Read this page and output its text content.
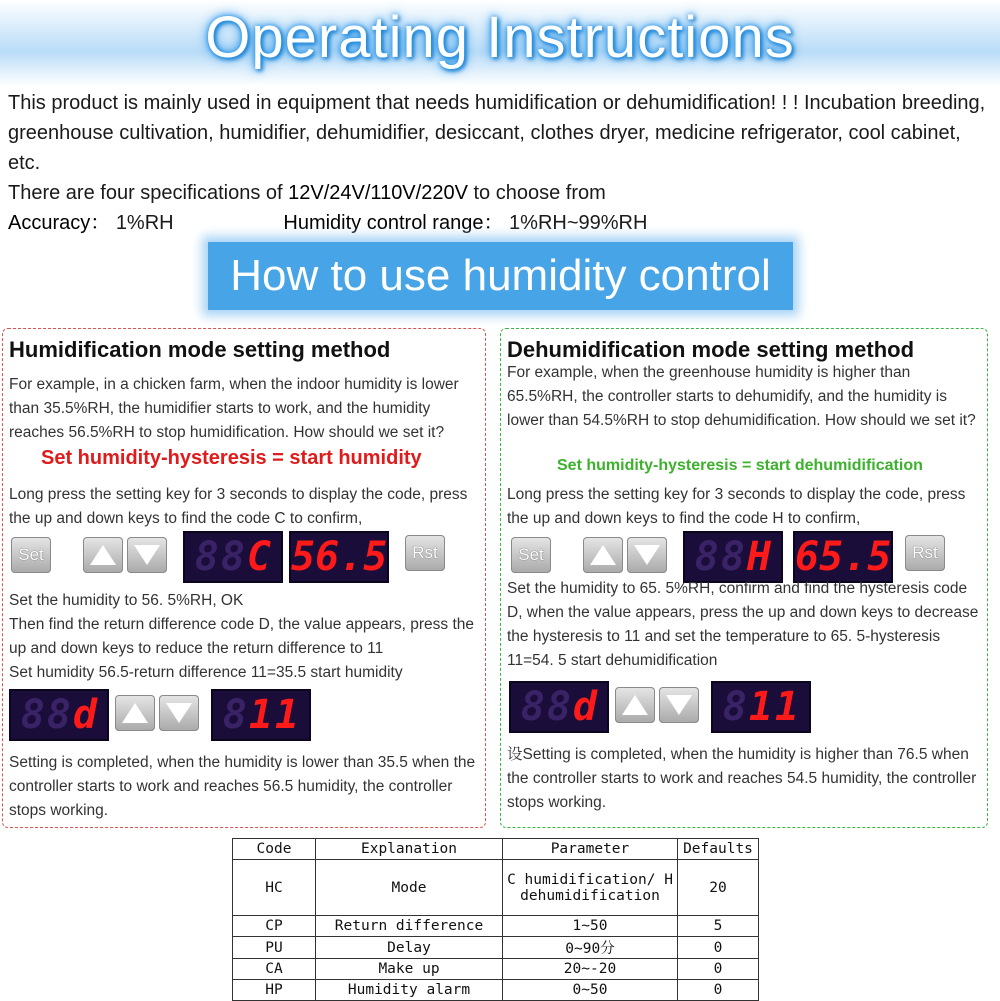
Operating Instructions

This product is mainly used in equipment that needs humidification or dehumidification! ! ! Incubation breeding, greenhouse cultivation, humidifier, dehumidifier, desiccant, clothes dryer, medicine refrigerator, cool cabinet, etc.

There are four specifications of 12V/24V/110V/220V to choose from

Accuracy： 1%RH	Humidity control range： 1%RH~99%RH

How to use humidity control
Humidification mode setting method

For example, in a chicken farm, when the indoor humidity is lower than 35.5%RH, the humidifier starts to work, and the humidity reaches 56.5%RH to stop humidification. How should we set it?

Set humidity-hysteresis = start humidity

Long press the setting key for 3 seconds to display the code, press the up and down keys to find the code C to confirm,

Set	88C 56.5	Rst

Set the humidity to 56. 5%RH, OK

Then find the return difference code D, the value appears, press the up and down keys to reduce the return difference to 11

Set humidity 56.5-return difference 11=35.5 start humidity

88d	811

Setting is completed, when the humidity is lower than 35.5 when the controller starts to work and reaches 56.5 humidity, the controller stops working.

Dehumidification mode setting method

For example, when the greenhouse humidity is higher than 65.5%RH, the controller starts to dehumidify, and the humidity is lower than 54.5%RH to stop dehumidification. How should we set it?

Set humidity-hysteresis = start dehumidification

Long press the setting key for 3 seconds to display the code, press the up and down keys to find the code H to confirm,

Set	88H 65.5	Rst

Set the humidity to 65. 5%RH, confirm and find the hysteresis code D, when the value appears, press the up and down keys to decrease the hysteresis to 11 and set the temperature to 65. 5-hysteresis 11=54. 5 start dehumidification

88d	811

设Setting is completed, when the humidity is higher than 76.5 when the controller starts to work and reaches 54.5 humidity, the controller stops working.

Code	Explanation	Parameter	Defaults
HC	Mode	C humidification/ H dehumidification	20
CP	Return difference	1~50	5
PU	Delay	0~90分	0
CA	Make up	20~-20	0
HP	Humidity alarm	0~50	0
